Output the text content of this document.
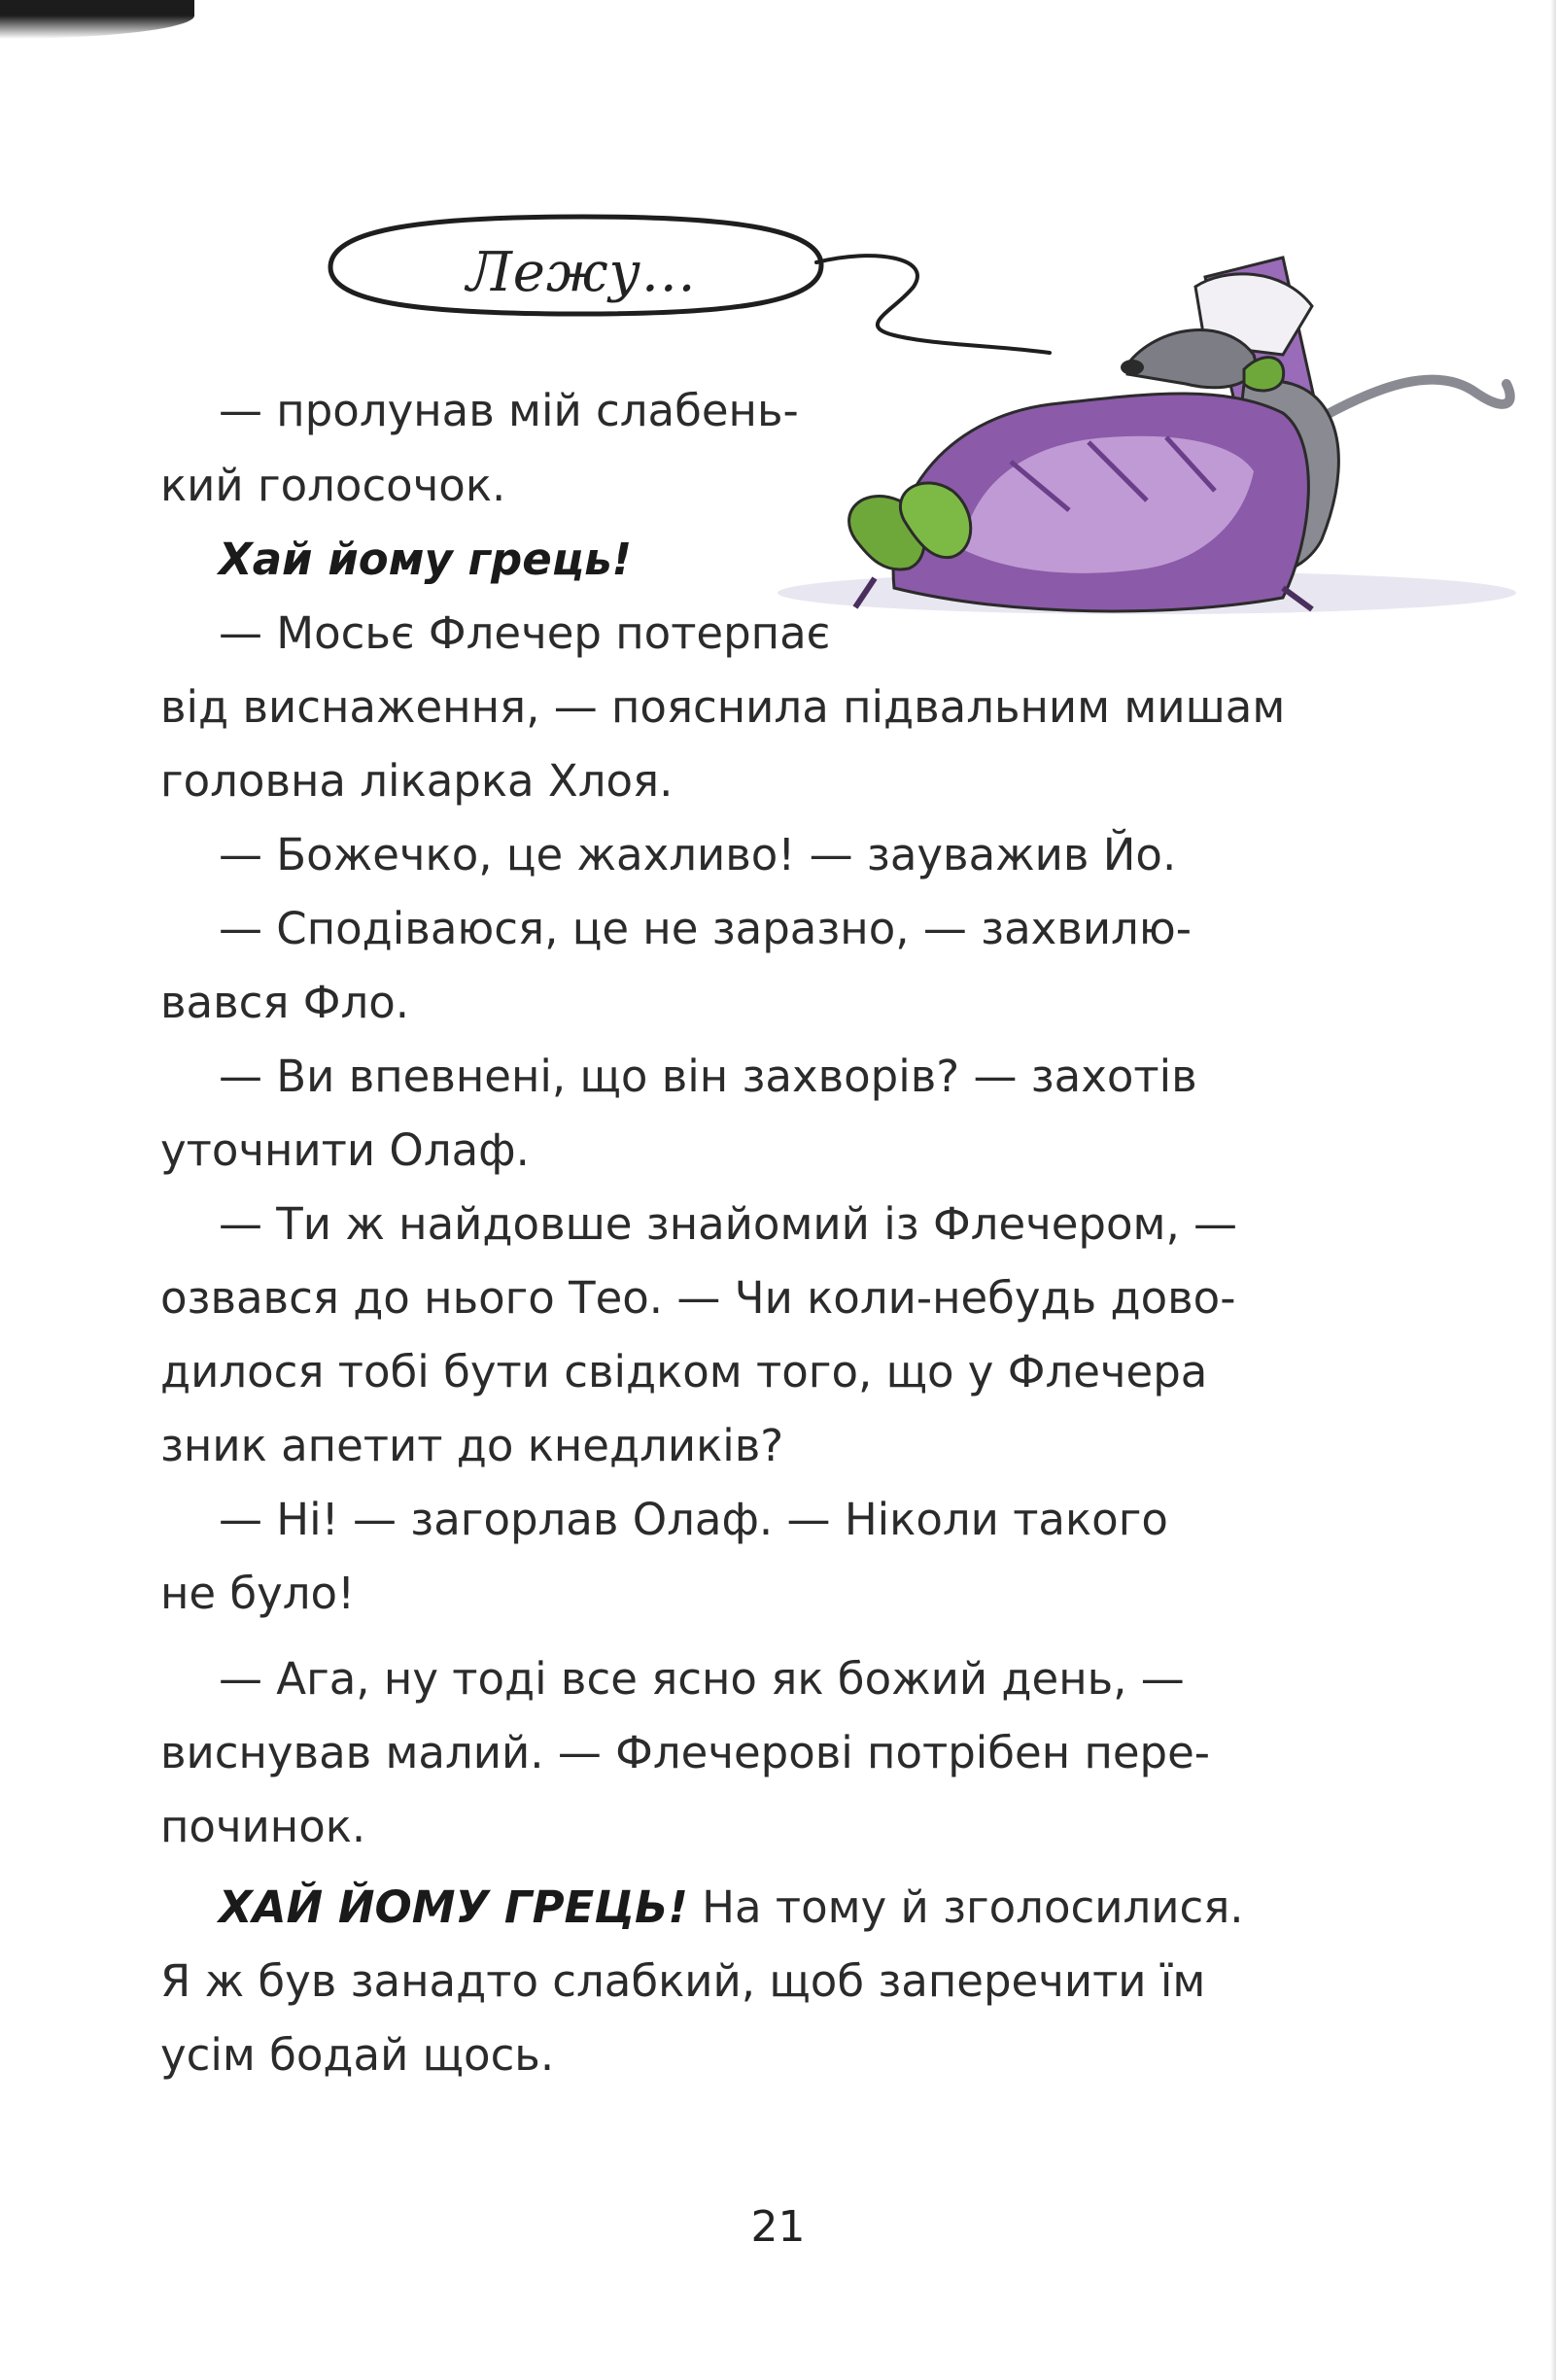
Лежу...
— пролунав мій слабень-
кий голосочок.
Хай йому грець!
— Мосьє Флечер потерпає
від виснаження, — пояснила підвальним мишам
головна лікарка Хлоя.
— Божечко, це жахливо! — зауважив Йо.
— Сподіваюся, це не заразно, — захвилю-
вався Фло.
— Ви впевнені, що він захворів? — захотів
уточнити Олаф.
— Ти ж найдовше знайомий із Флечером, —
озвався до нього Тео. — Чи коли-небудь дово-
дилося тобі бути свідком того, що у Флечера
зник апетит до кнедликів?
— Ні! — загорлав Олаф. — Ніколи такого
не було!
— Ага, ну тоді все ясно як божий день, —
виснував малий. — Флечерові потрібен пере-
починок.
ХАЙ ЙОМУ ГРЕЦЬ! На тому й зголосилися.
Я ж був занадто слабкий, щоб заперечити їм
усім бодай щось.
21
